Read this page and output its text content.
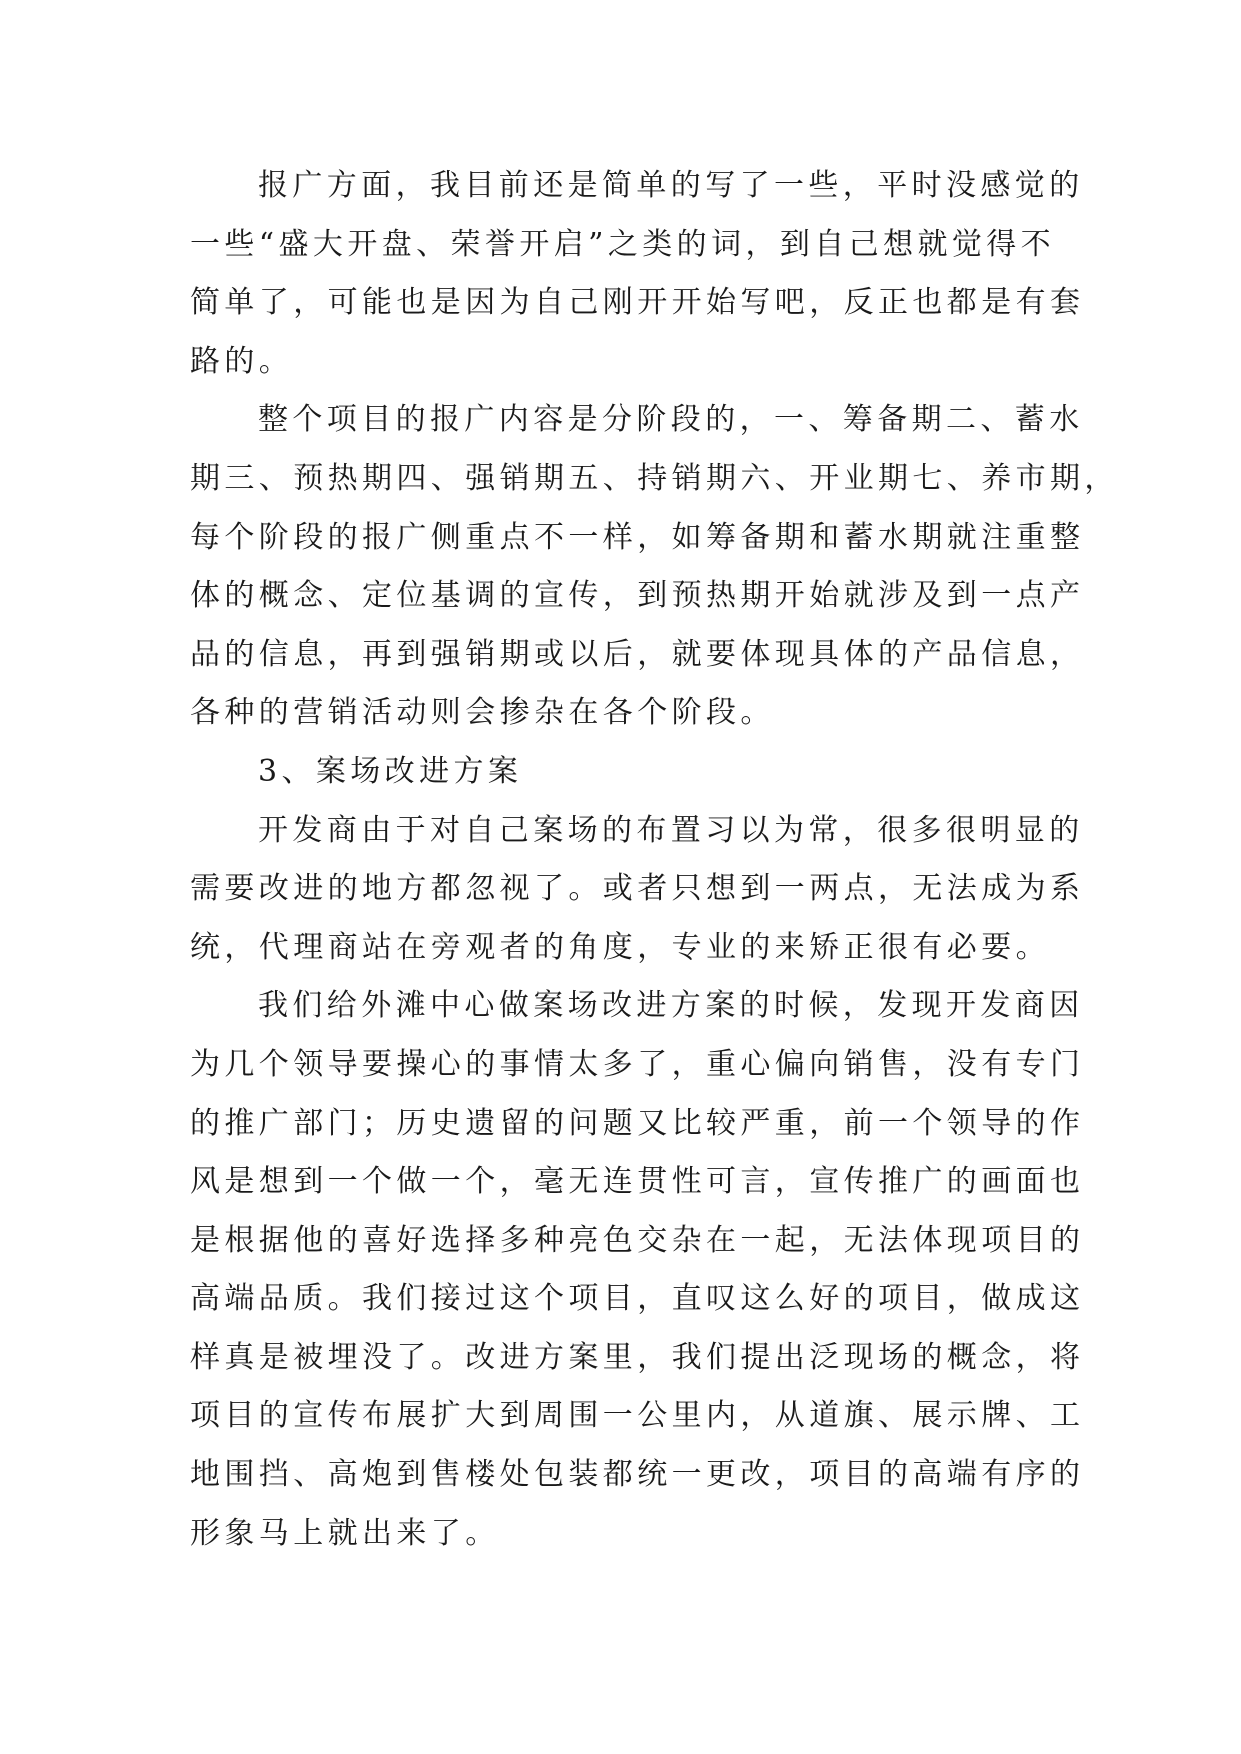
报广方面，我目前还是简单的写了一些，平时没感觉的
一些“盛大开盘、荣誉开启”之类的词，到自己想就觉得不
简单了，可能也是因为自己刚开开始写吧，反正也都是有套
路的。
整个项目的报广内容是分阶段的，一、筹备期二、蓄水
期三、预热期四、强销期五、持销期六、开业期七、养市期，
每个阶段的报广侧重点不一样，如筹备期和蓄水期就注重整
体的概念、定位基调的宣传，到预热期开始就涉及到一点产
品的信息，再到强销期或以后，就要体现具体的产品信息，
各种的营销活动则会掺杂在各个阶段。
3、案场改进方案
开发商由于对自己案场的布置习以为常，很多很明显的
需要改进的地方都忽视了。或者只想到一两点，无法成为系
统，代理商站在旁观者的角度，专业的来矫正很有必要。
我们给外滩中心做案场改进方案的时候，发现开发商因
为几个领导要操心的事情太多了，重心偏向销售，没有专门
的推广部门；历史遗留的问题又比较严重，前一个领导的作
风是想到一个做一个，毫无连贯性可言，宣传推广的画面也
是根据他的喜好选择多种亮色交杂在一起，无法体现项目的
高端品质。我们接过这个项目，直叹这么好的项目，做成这
样真是被埋没了。改进方案里，我们提出泛现场的概念，将
项目的宣传布展扩大到周围一公里内，从道旗、展示牌、工
地围挡、高炮到售楼处包装都统一更改，项目的高端有序的
形象马上就出来了。
